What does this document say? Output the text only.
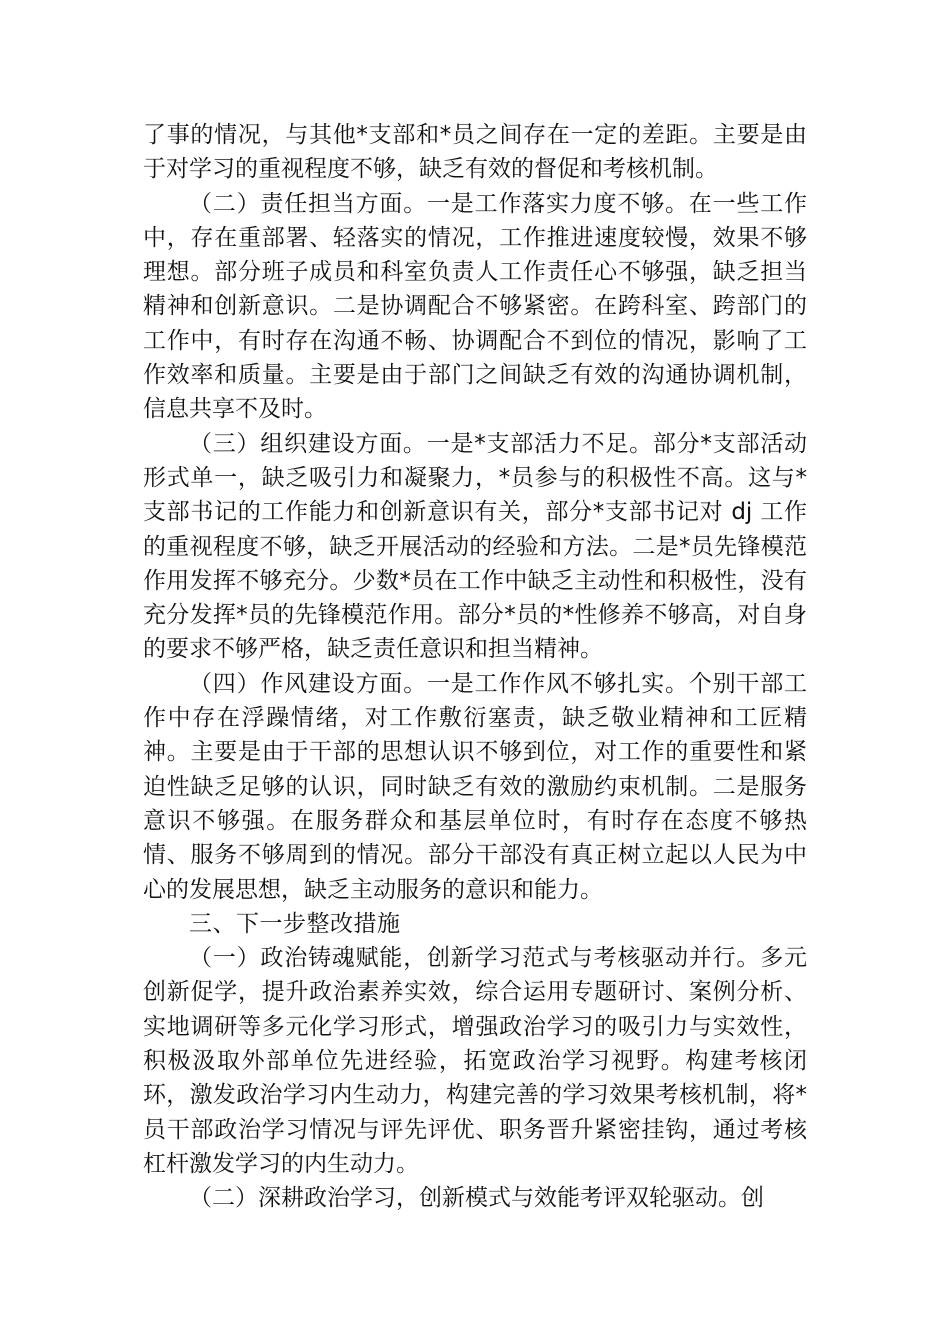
了事的情况，与其他*支部和*员之间存在一定的差距。主要是由于对学习的重视程度不够，缺乏有效的督促和考核机制。

（二）责任担当方面。一是工作落实力度不够。在一些工作中，存在重部署、轻落实的情况，工作推进速度较慢，效果不够理想。部分班子成员和科室负责人工作责任心不够强，缺乏担当精神和创新意识。二是协调配合不够紧密。在跨科室、跨部门的工作中，有时存在沟通不畅、协调配合不到位的情况，影响了工作效率和质量。主要是由于部门之间缺乏有效的沟通协调机制，信息共享不及时。

（三）组织建设方面。一是*支部活力不足。部分*支部活动形式单一，缺乏吸引力和凝聚力，*员参与的积极性不高。这与*支部书记的工作能力和创新意识有关，部分*支部书记对 dj 工作的重视程度不够，缺乏开展活动的经验和方法。二是*员先锋模范作用发挥不够充分。少数*员在工作中缺乏主动性和积极性，没有充分发挥*员的先锋模范作用。部分*员的*性修养不够高，对自身的要求不够严格，缺乏责任意识和担当精神。

（四）作风建设方面。一是工作作风不够扎实。个别干部工作中存在浮躁情绪，对工作敷衍塞责，缺乏敬业精神和工匠精神。主要是由于干部的思想认识不够到位，对工作的重要性和紧迫性缺乏足够的认识，同时缺乏有效的激励约束机制。二是服务意识不够强。在服务群众和基层单位时，有时存在态度不够热情、服务不够周到的情况。部分干部没有真正树立起以人民为中心的发展思想，缺乏主动服务的意识和能力。

三、下一步整改措施

（一）政治铸魂赋能，创新学习范式与考核驱动并行。多元创新促学，提升政治素养实效，综合运用专题研讨、案例分析、实地调研等多元化学习形式，增强政治学习的吸引力与实效性，积极汲取外部单位先进经验，拓宽政治学习视野。构建考核闭环，激发政治学习内生动力，构建完善的学习效果考核机制，将*员干部政治学习情况与评先评优、职务晋升紧密挂钩，通过考核杠杆激发学习的内生动力。

（二）深耕政治学习，创新模式与效能考评双轮驱动。创
